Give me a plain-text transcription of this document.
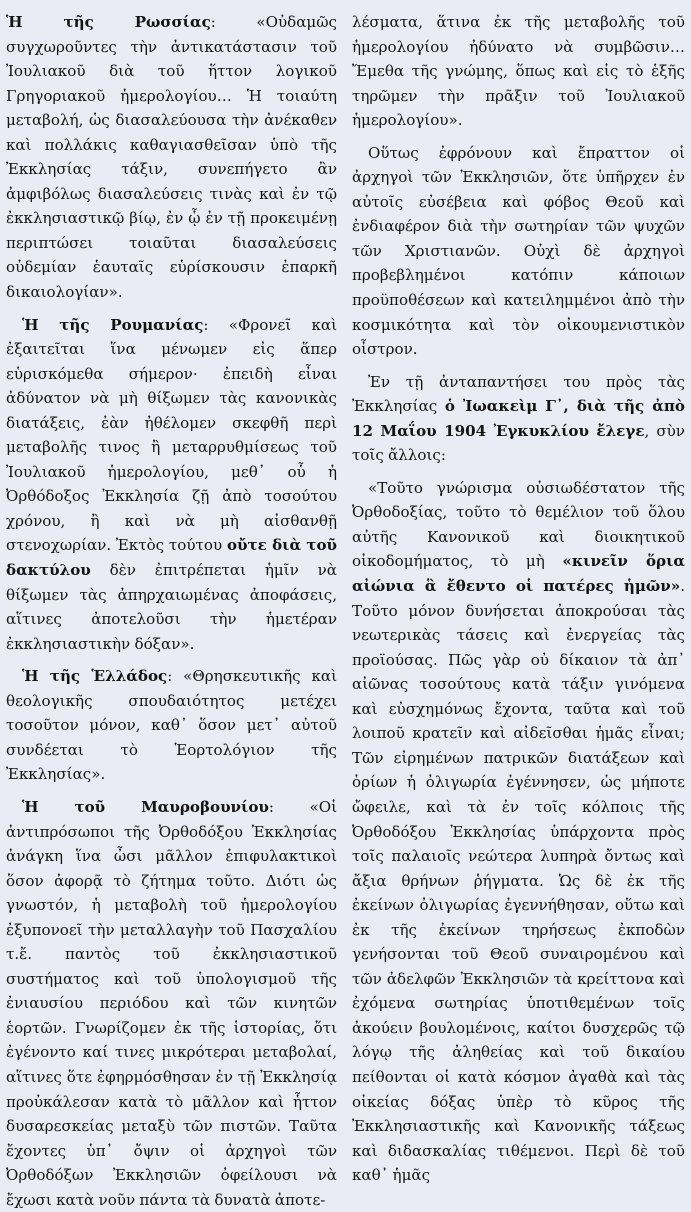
Ἡ τῆς Ρωσσίας: «Οὐδαμῶς συγχωροῦντες τὴν ἀντικατάστασιν τοῦ Ἰουλιακοῦ διὰ τοῦ ἥττον λογικοῦ Γρηγοριακοῦ ἡμερολογίου… Ἡ τοιαύτη μεταβολή, ὡς διασαλεύουσα τὴν ἀνέκαθεν καὶ πολλάκις καθαγιασθεῖσαν ὑπὸ τῆς Ἐκκλησίας τάξιν, συνεπήγετο ἂν ἀμφιβόλως διασαλεύσεις τινὰς καὶ ἐν τῷ ἐκκλησιαστικῷ βίῳ, ἐν ᾧ ἐν τῇ προκειμένῃ περιπτώσει τοιαῦται διασαλεύσεις οὐδεμίαν ἑαυταῖς εὑρίσκουσιν ἐπαρκῆ δικαιολογίαν».

Ἡ τῆς Ρουμανίας: «Φρονεῖ καὶ ἐξαιτεῖται ἵνα μένωμεν εἰς ἅπερ εὑρισκόμεθα σήμερον· ἐπειδὴ εἶναι ἀδύνατον νὰ μὴ θίξωμεν τὰς κανονικὰς διατάξεις, ἐὰν ἠθέλομεν σκεφθῆ περὶ μεταβολῆς τινος ἢ μεταρρυθμίσεως τοῦ Ἰουλιακοῦ ἡμερολογίου, μεθ᾽ οὗ ἡ Ὀρθόδοξος Ἐκκλησία ζῇ ἀπὸ τοσούτου χρόνου, ἢ καὶ νὰ μὴ αἰσθανθῇ στενοχωρίαν. Ἐκτὸς τούτου οὔτε διὰ τοῦ δακτύλου δὲν ἐπιτρέπεται ἡμῖν νὰ θίξωμεν τὰς ἀπηρχαιωμένας ἀποφάσεις, αἵτινες ἀποτελοῦσι τὴν ἡμετέραν ἐκκλησιαστικὴν δόξαν».

Ἡ τῆς Ἑλλάδος: «Θρησκευτικῆς καὶ θεολογικῆς σπουδαιότητος μετέχει τοσοῦτον μόνον, καθ᾽ ὅσον μετ᾽ αὐτοῦ συνδέεται τὸ Ἑορτολόγιον τῆς Ἐκκλησίας».

Ἡ τοῦ Μαυροβουνίου: «Οἱ ἀντιπρόσωποι τῆς Ὀρθοδόξου Ἐκκλησίας ἀνάγκη ἵνα ὦσι μᾶλλον ἐπιφυλακτικοὶ ὅσον ἀφορᾷ τὸ ζήτημα τοῦτο. Διότι ὡς γνωστόν, ἡ μεταβολὴ τοῦ ἡμερολογίου ἐξυπονοεῖ τὴν μεταλλαγὴν τοῦ Πασχαλίου τ.ἔ. παντὸς τοῦ ἐκκλησιαστικοῦ συστήματος καὶ τοῦ ὑπολογισμοῦ τῆς ἐνιαυσίου περιόδου καὶ τῶν κινητῶν ἑορτῶν. Γνωρίζομεν ἐκ τῆς ἱστορίας, ὅτι ἐγένοντο καί τινες μικρότεραι μεταβολαί, αἵτινες ὅτε ἐφηρμόσθησαν ἐν τῇ Ἐκκλησίᾳ προὐκάλεσαν κατὰ τὸ μᾶλλον καὶ ἧττον δυσαρεσκείας μεταξὺ τῶν πιστῶν. Ταῦτα ἔχοντες ὑπ᾽ ὄψιν οἱ ἀρχηγοὶ τῶν Ὀρθοδόξων Ἐκκλησιῶν ὀφείλουσι νὰ ἔχωσι κατὰ νοῦν πάντα τὰ δυνατὰ ἀποτε-

λέσματα, ἅτινα ἐκ τῆς μεταβολῆς τοῦ ἡμερολογίου ἠδύνατο νὰ συμβῶσιν… Ἔμεθα τῆς γνώμης, ὅπως καὶ εἰς τὸ ἑξῆς τηρῶμεν τὴν πρᾶξιν τοῦ Ἰουλιακοῦ ἡμερολογίου».

Οὕτως ἐφρόνουν καὶ ἔπραττον οἱ ἀρχηγοὶ τῶν Ἐκκλησιῶν, ὅτε ὑπῆρχεν ἐν αὐτοῖς εὐσέβεια καὶ φόβος Θεοῦ καὶ ἐνδιαφέρον διὰ τὴν σωτηρίαν τῶν ψυχῶν τῶν Χριστιανῶν. Οὐχὶ δὲ ἀρχηγοὶ προβεβλημένοι κατόπιν κάποιων προϋποθέσεων καὶ κατειλημμένοι ἀπὸ τὴν κοσμικότητα καὶ τὸν οἰκουμενιστικὸν οἶστρον.

Ἐν τῇ ἀνταπαντήσει του πρὸς τὰς Ἐκκλησίας ὁ Ἰωακεὶμ Γ᾽, διὰ τῆς ἀπὸ 12 Μαΐου 1904 Ἐγκυκλίου ἔλεγε, σὺν τοῖς ἄλλοις:

«Τοῦτο γνώρισμα οὐσιωδέστατον τῆς Ὀρθοδοξίας, τοῦτο τὸ θεμέλιον τοῦ ὅλου αὐτῆς Κανονικοῦ καὶ διοικητικοῦ οἰκοδομήματος, τὸ μὴ «κινεῖν ὅρια αἰώνια ἃ ἔθεντο οἱ πατέρες ἡμῶν». Τοῦτο μόνον δυνήσεται ἀποκρούσαι τὰς νεωτερικὰς τάσεις καὶ ἐνεργείας τὰς προϊούσας. Πῶς γὰρ οὐ δίκαιον τὰ ἀπ᾽ αἰῶνας τοσούτους κατὰ τάξιν γινόμενα καὶ εὐσχημόνως ἔχοντα, ταῦτα καὶ τοῦ λοιποῦ κρατεῖν καὶ αἰδεῖσθαι ἡμᾶς εἶναι; Τῶν εἰρημένων πατρικῶν διατάξεων καὶ ὁρίων ἡ ὀλιγωρία ἐγέννησεν, ὡς μήποτε ὤφειλε, καὶ τὰ ἐν τοῖς κόλποις τῆς Ὀρθοδόξου Ἐκκλησίας ὑπάρχοντα πρὸς τοῖς παλαιοῖς νεώτερα λυπηρὰ ὄντως καὶ ἄξια θρήνων ῥήγματα. Ὡς δὲ ἐκ τῆς ἐκείνων ὀλιγωρίας ἐγεννήθησαν, οὕτω καὶ ἐκ τῆς ἐκείνων τηρήσεως ἐκποδὼν γενήσονται τοῦ Θεοῦ συναιρομένου καὶ τῶν ἀδελφῶν Ἐκκλησιῶν τὰ κρείττονα καὶ ἐχόμενα σωτηρίας ὑποτιθεμένων τοῖς ἀκούειν βουλομένοις, καίτοι δυσχερῶς τῷ λόγῳ τῆς ἀληθείας καὶ τοῦ δικαίου πείθονται οἱ κατὰ κόσμον ἀγαθὰ καὶ τὰς οἰκείας δόξας ὑπὲρ τὸ κῦρος τῆς Ἐκκλησιαστικῆς καὶ Κανονικῆς τάξεως καὶ διδασκαλίας τιθέμενοι. Περὶ δὲ τοῦ καθ᾽ ἡμᾶς
